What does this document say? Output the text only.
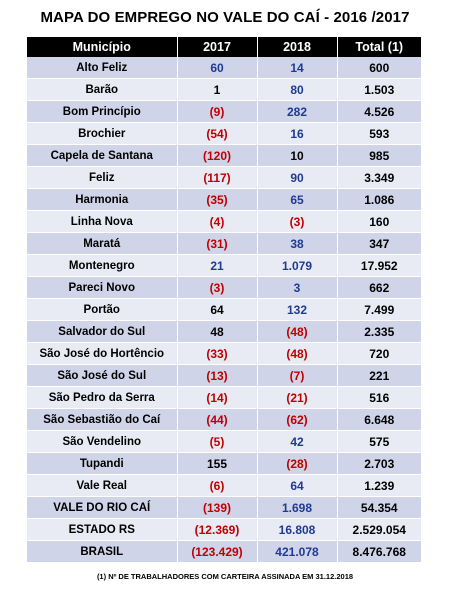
MAPA DO EMPREGO NO VALE DO CAÍ - 2016 /2017
Município	2017	2018	Total (1)
Alto Feliz	60	14	600
Barão	1	80	1.503
Bom Princípio	(9)	282	4.526
Brochier	(54)	16	593
Capela de Santana	(120)	10	985
Feliz	(117)	90	3.349
Harmonia	(35)	65	1.086
Linha Nova	(4)	(3)	160
Maratá	(31)	38	347
Montenegro	21	1.079	17.952
Pareci Novo	(3)	3	662
Portão	64	132	7.499
Salvador do Sul	48	(48)	2.335
São José do Hortêncio	(33)	(48)	720
São José do Sul	(13)	(7)	221
São Pedro da Serra	(14)	(21)	516
São Sebastião do Caí	(44)	(62)	6.648
São Vendelino	(5)	42	575
Tupandi	155	(28)	2.703
Vale Real	(6)	64	1.239
VALE DO RIO CAÍ	(139)	1.698	54.354
ESTADO RS	(12.369)	16.808	2.529.054
BRASIL	(123.429)	421.078	8.476.768
(1) Nº DE TRABALHADORES COM CARTEIRA ASSINADA EM 31.12.2018
